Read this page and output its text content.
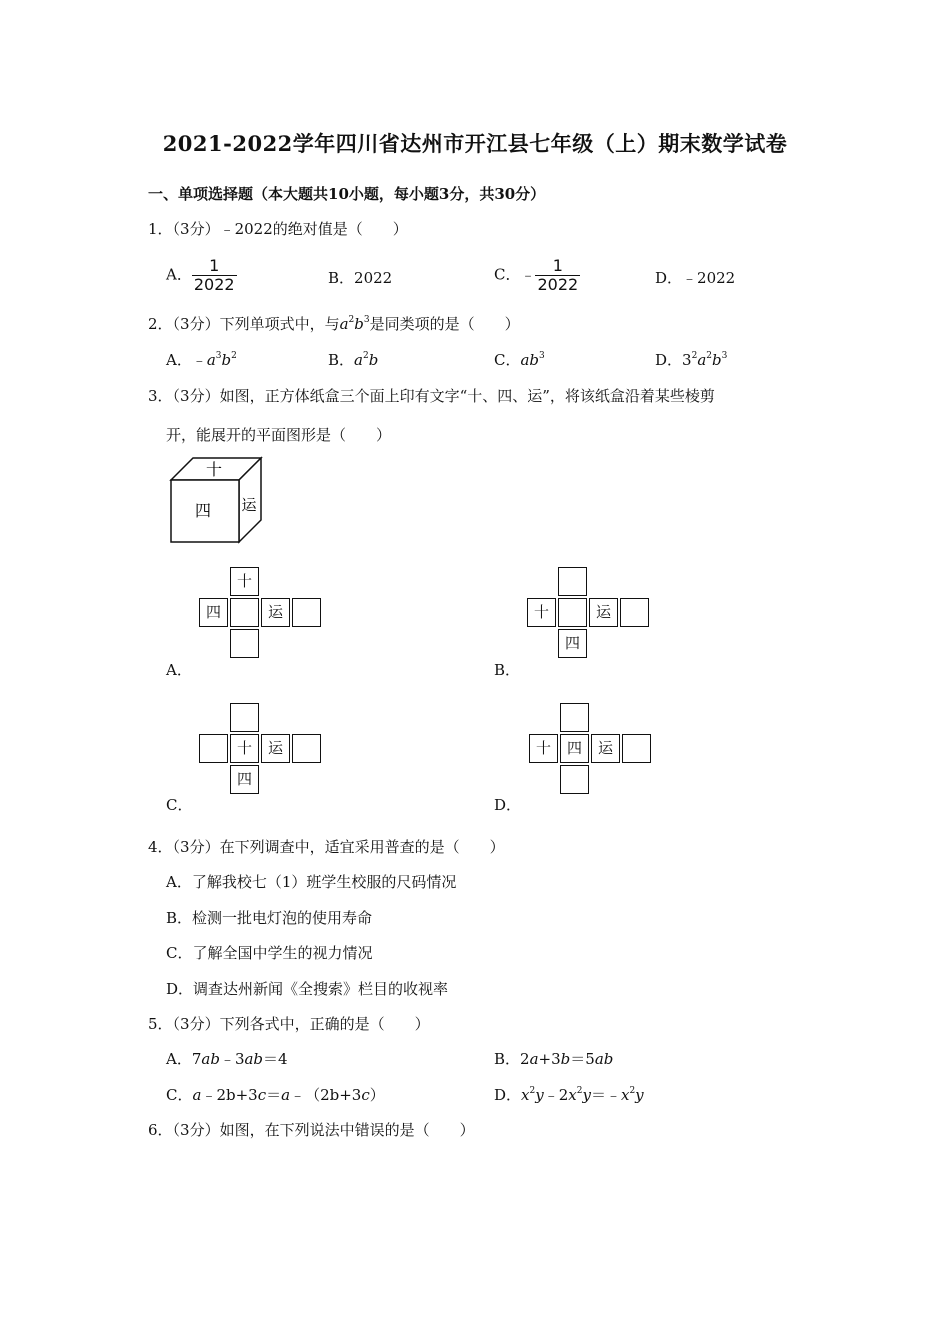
2021-2022学年四川省达州市开江县七年级（上）期末数学试卷
一、单项选择题（本大题共10小题，每小题3分，共30分）
1．（3分）﹣2022的绝对值是（　　）
A． $\frac{1}{2022}$	B．2022	C．﹣ $\frac{1}{2022}$	D．﹣2022
2．（3分）下列单项式中，与$a^2b^3$是同类项的是（　　）
A．$﹣a^3b^2$	B．$a^2b$	C．$ab^3$	D．$3^2a^2b^3$
3．（3分）如图，正方体纸盒三个面上印有文字“十、四、运”，将该纸盒沿着某些棱剪
开，能展开的平面图形是（　　）
十
四 运
十
四	运
A．
十	运
四
B．
十	运
四
C．
十	四	运
D．
4．（3分）在下列调查中，适宜采用普查的是（　　）
A．了解我校七（1）班学生校服的尺码情况
B．检测一批电灯泡的使用寿命
C．了解全国中学生的视力情况
D．调查达州新闻《全搜索》栏目的收视率
5．（3分）下列各式中，正确的是（　　）
A．7ab﹣3ab＝4	B．2a+3b＝5ab
C．a﹣2b+3c＝a﹣（2b+3c）	D．$x^2y﹣2x^2y=﹣x^2y$
6．（3分）如图，在下列说法中错误的是（　　）
